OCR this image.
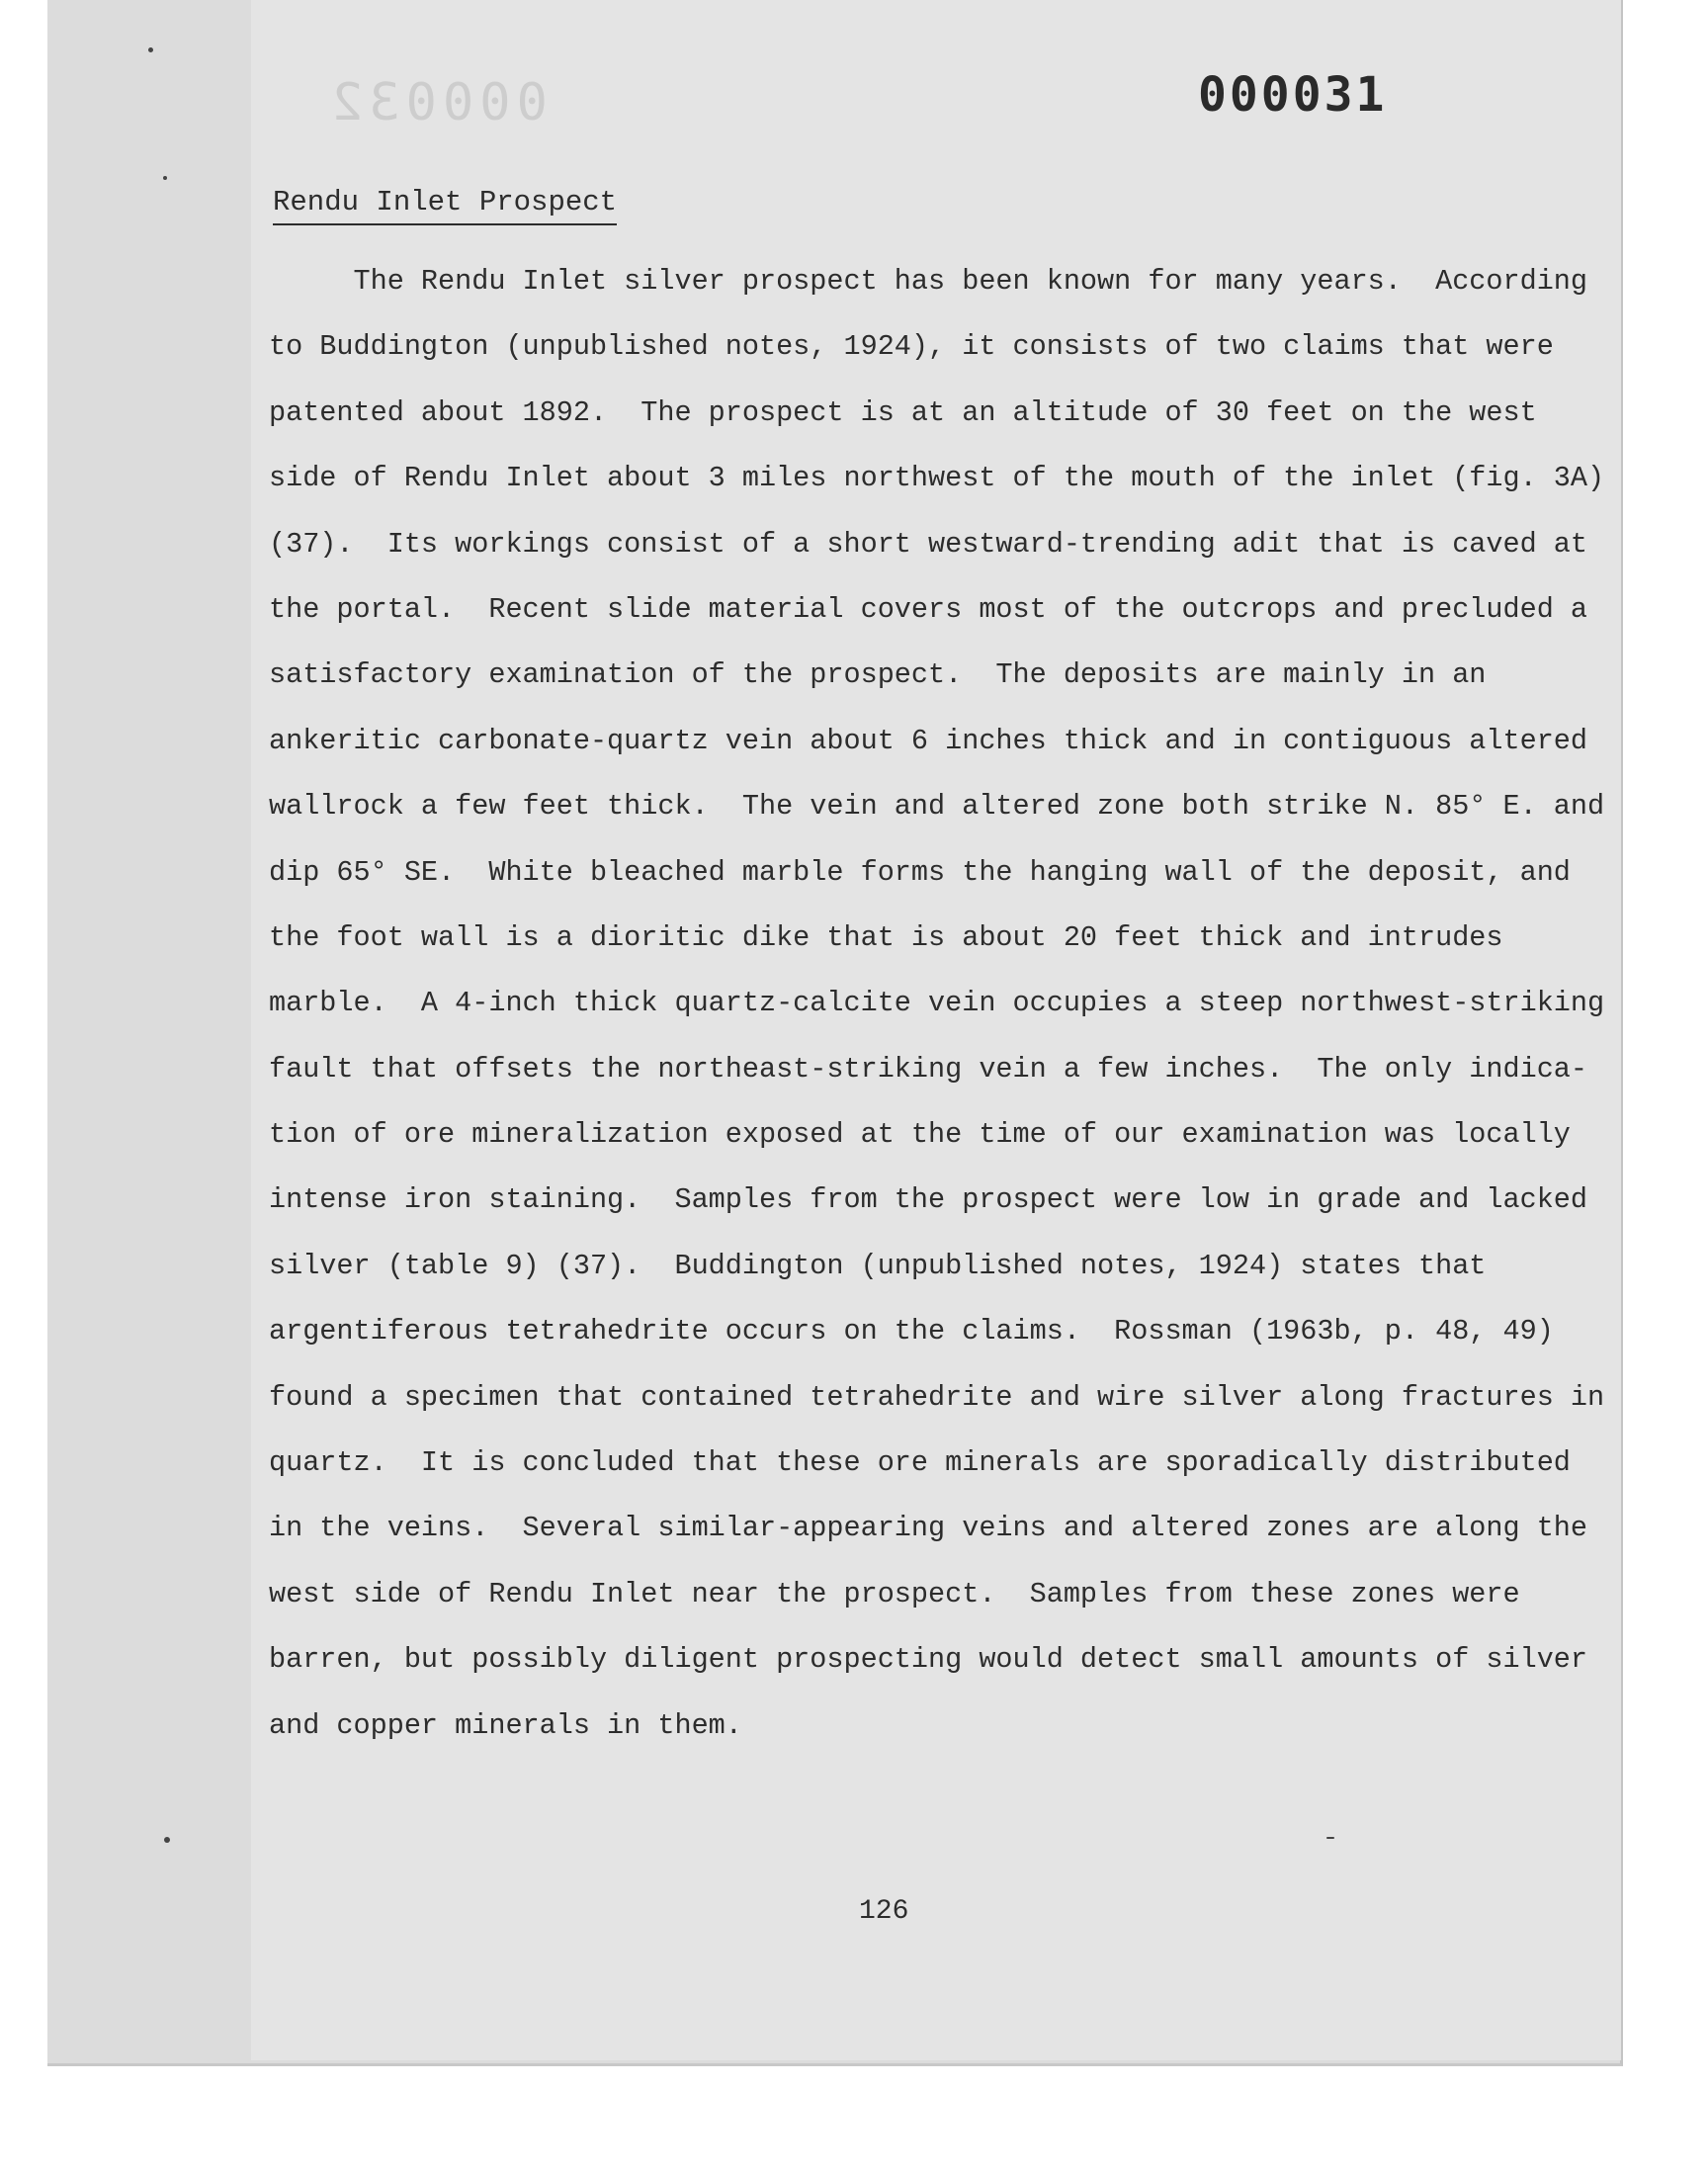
000032	000031
Rendu Inlet Prospect
The Rendu Inlet silver prospect has been known for many years.  According
to Buddington (unpublished notes, 1924), it consists of two claims that were
patented about 1892.  The prospect is at an altitude of 30 feet on the west
side of Rendu Inlet about 3 miles northwest of the mouth of the inlet (fig. 3A)
(37).  Its workings consist of a short westward-trending adit that is caved at
the portal.  Recent slide material covers most of the outcrops and precluded a
satisfactory examination of the prospect.  The deposits are mainly in an
ankeritic carbonate-quartz vein about 6 inches thick and in contiguous altered
wallrock a few feet thick.  The vein and altered zone both strike N. 85° E. and
dip 65° SE.  White bleached marble forms the hanging wall of the deposit, and
the foot wall is a dioritic dike that is about 20 feet thick and intrudes
marble.  A 4-inch thick quartz-calcite vein occupies a steep northwest-striking
fault that offsets the northeast-striking vein a few inches.  The only indica-
tion of ore mineralization exposed at the time of our examination was locally
intense iron staining.  Samples from the prospect were low in grade and lacked
silver (table 9) (37).  Buddington (unpublished notes, 1924) states that
argentiferous tetrahedrite occurs on the claims.  Rossman (1963b, p. 48, 49)
found a specimen that contained tetrahedrite and wire silver along fractures in
quartz.  It is concluded that these ore minerals are sporadically distributed
in the veins.  Several similar-appearing veins and altered zones are along the
west side of Rendu Inlet near the prospect.  Samples from these zones were
barren, but possibly diligent prospecting would detect small amounts of silver
and copper minerals in them.
126
